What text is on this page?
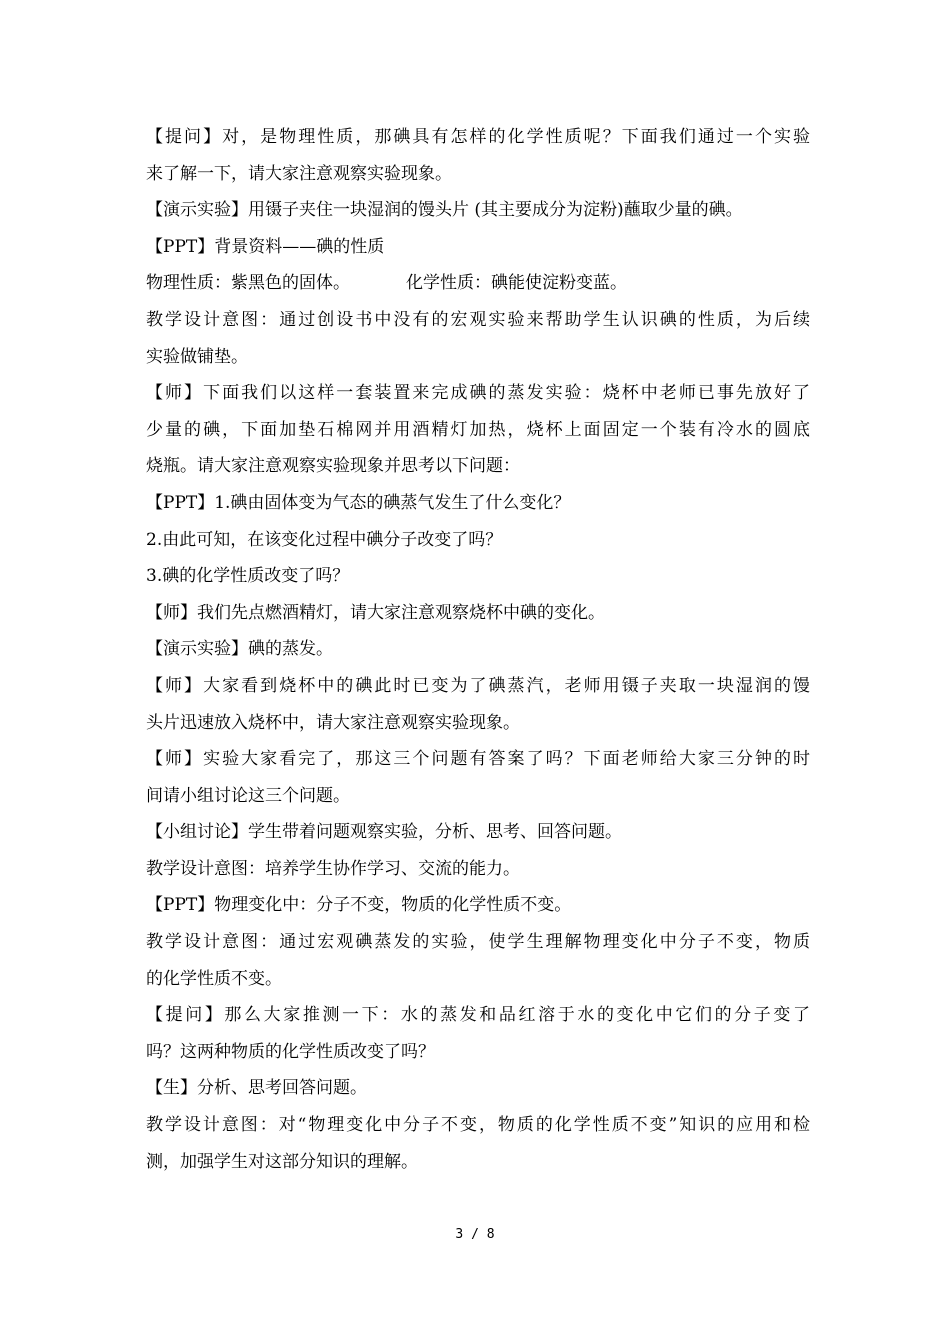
【提问】对，是物理性质，那碘具有怎样的化学性质呢？下面我们通过一个实验
来了解一下，请大家注意观察实验现象。
【演示实验】用镊子夹住一块湿润的馒头片 (其主要成分为淀粉)蘸取少量的碘。
【PPT】背景资料——碘的性质
物理性质：紫黑色的固体。	化学性质：碘能使淀粉变蓝。
教学设计意图：通过创设书中没有的宏观实验来帮助学生认识碘的性质，为后续
实验做铺垫。
【师】下面我们以这样一套装置来完成碘的蒸发实验：烧杯中老师已事先放好了
少量的碘，下面加垫石棉网并用酒精灯加热，烧杯上面固定一个装有冷水的圆底
烧瓶。请大家注意观察实验现象并思考以下问题：
【PPT】1.碘由固体变为气态的碘蒸气发生了什么变化？
2.由此可知，在该变化过程中碘分子改变了吗？
3.碘的化学性质改变了吗？
【师】我们先点燃酒精灯，请大家注意观察烧杯中碘的变化。
【演示实验】碘的蒸发。
【师】大家看到烧杯中的碘此时已变为了碘蒸汽，老师用镊子夹取一块湿润的馒
头片迅速放入烧杯中，请大家注意观察实验现象。
【师】实验大家看完了，那这三个问题有答案了吗？下面老师给大家三分钟的时
间请小组讨论这三个问题。
【小组讨论】学生带着问题观察实验，分析、思考、回答问题。
教学设计意图：培养学生协作学习、交流的能力。
【PPT】物理变化中：分子不变，物质的化学性质不变。
教学设计意图：通过宏观碘蒸发的实验，使学生理解物理变化中分子不变，物质
的化学性质不变。
【提问】那么大家推测一下：水的蒸发和品红溶于水的变化中它们的分子变了
吗？这两种物质的化学性质改变了吗？
【生】分析、思考回答问题。
教学设计意图：对“物理变化中分子不变，物质的化学性质不变”知识的应用和检
测，加强学生对这部分知识的理解。
3 / 8
